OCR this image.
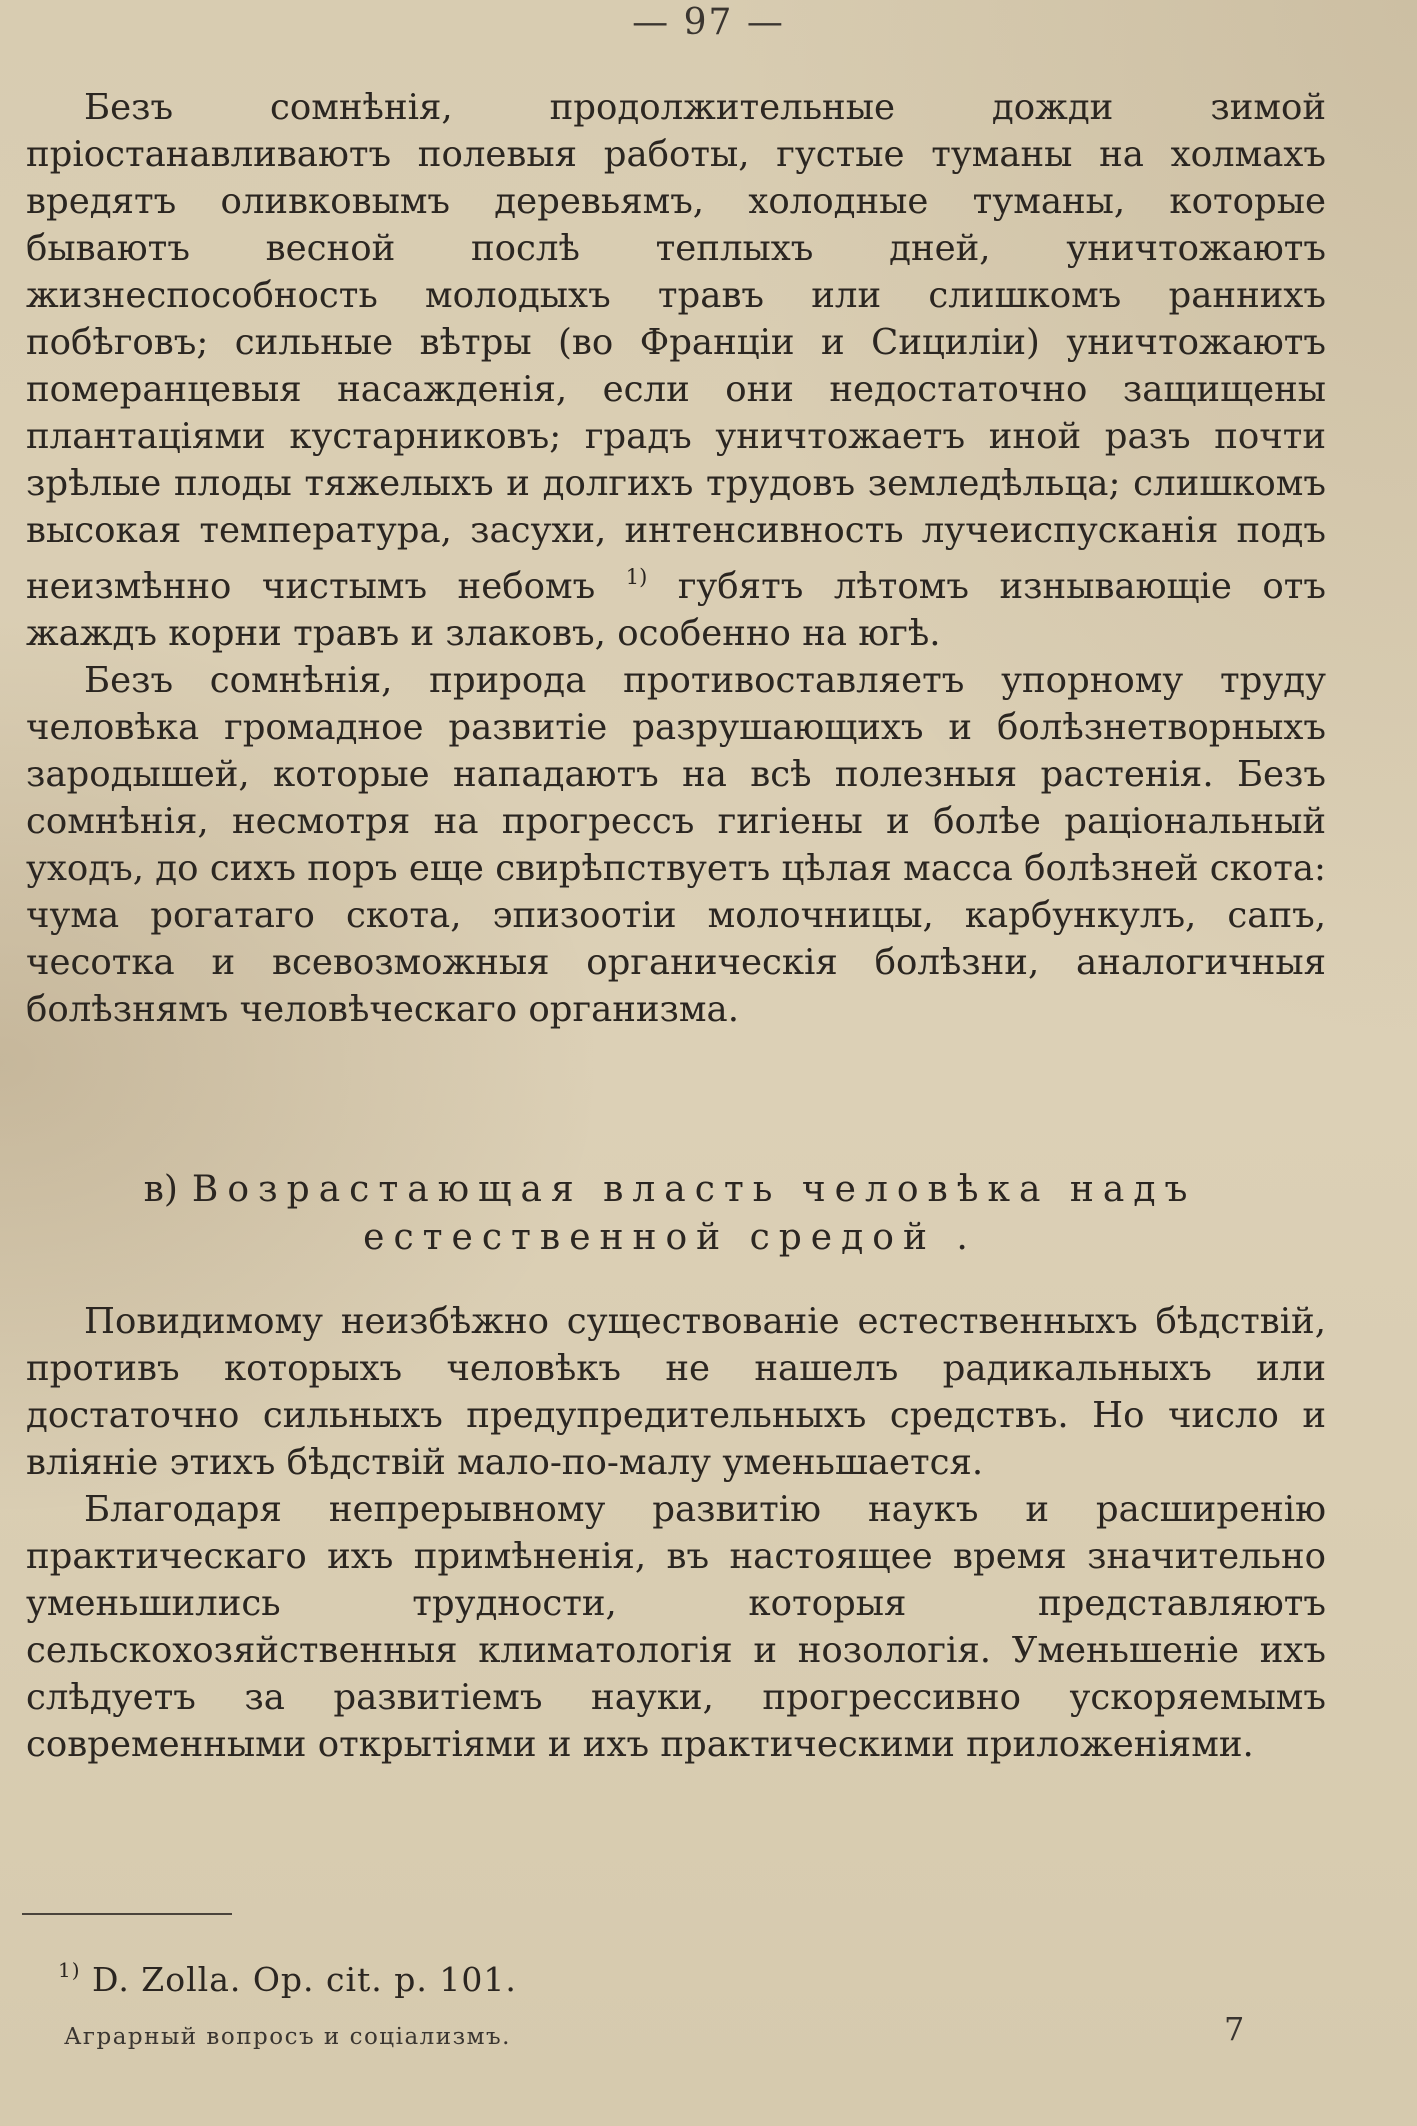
— 97 —

Безъ сомнѣнія, продолжительные дожди зимой пріостанавливаютъ полевыя работы, густые туманы на холмахъ вредятъ оливковымъ деревьямъ, холодные туманы, которые бываютъ весной послѣ теплыхъ дней, уничтожаютъ жизнеспособность молодыхъ травъ или слишкомъ раннихъ побѣговъ; сильные вѣтры (во Франціи и Сициліи) уничтожаютъ померанцевыя насажденія, если они недостаточно защищены плантаціями кустарниковъ; градъ уничтожаетъ иной разъ почти зрѣлые плоды тяжелыхъ и долгихъ трудовъ земледѣльца; слишкомъ высокая температура, засухи, интенсивность лучеиспусканія подъ неизмѣнно чистымъ небомъ $^{1)}$ губятъ лѣтомъ изнывающіе отъ жаждъ корни травъ и злаковъ, особенно на югѣ.

Безъ сомнѣнія, природа противоставляетъ упорному труду человѣка громадное развитіе разрушающихъ и болѣзнетворныхъ зародышей, которые нападаютъ на всѣ полезныя растенія. Безъ сомнѣнія, несмотря на прогрессъ гигіены и болѣе раціональный уходъ, до сихъ поръ еще свирѣпствуетъ цѣлая масса болѣзней скота: чума рогатаго скота, эпизоотіи молочницы, карбункулъ, сапъ, чесотка и всевозможныя органическія болѣзни, аналогичныя болѣзнямъ человѣческаго организма.

в) Возрастающая власть человѣка надъ естественной средой .

Повидимому неизбѣжно существованіе естественныхъ бѣдствій, противъ которыхъ человѣкъ не нашелъ радикальныхъ или достаточно сильныхъ предупредительныхъ средствъ. Но число и вліяніе этихъ бѣдствій мало-по-малу уменьшается.

Благодаря непрерывному развитію наукъ и расширенію практическаго ихъ примѣненія, въ настоящее время значительно уменьшились трудности, которыя представляютъ сельскохозяйственныя климатологія и нозологія. Уменьшеніе ихъ слѣдуетъ за развитіемъ науки, прогрессивно ускоряемымъ современными открытіями и ихъ практическими приложеніями.

$^{1)}$ D. Zolla. Op. cit. p. 101.
Аграрный вопросъ и соціализмъ.	7
